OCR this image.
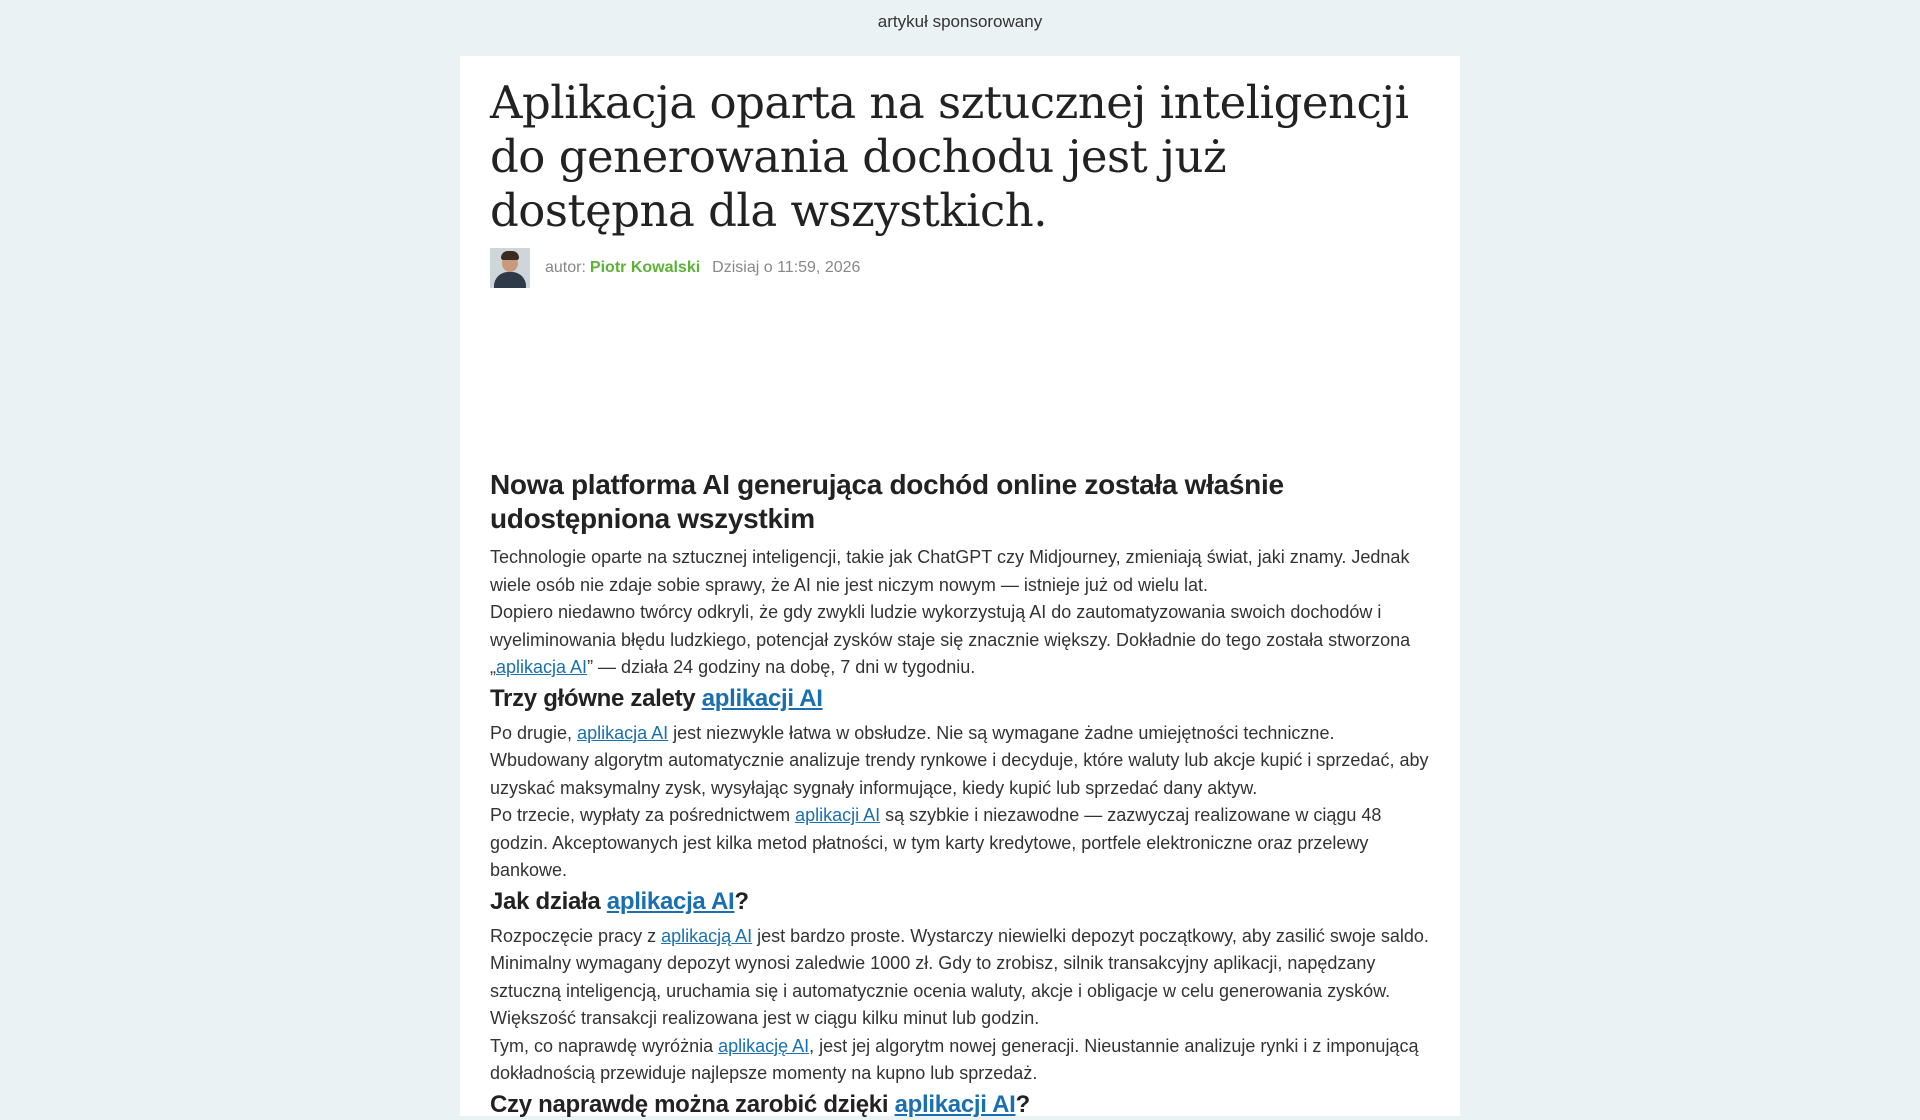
artykuł sponsorowany
Aplikacja oparta na sztucznej inteligencji do generowania dochodu jest już dostępna dla wszystkich.
autor: Piotr Kowalski Dzisiaj o 11:59, 2026
Nowa platforma AI generująca dochód online została właśnie udostępniona wszystkim

Technologie oparte na sztucznej inteligencji, takie jak ChatGPT czy Midjourney, zmieniają świat, jaki znamy. Jednak wiele osób nie zdaje sobie sprawy, że AI nie jest niczym nowym — istnieje już od wielu lat.

Dopiero niedawno twórcy odkryli, że gdy zwykli ludzie wykorzystują AI do zautomatyzowania swoich dochodów i wyeliminowania błędu ludzkiego, potencjał zysków staje się znacznie większy. Dokładnie do tego została stworzona „aplikacja AI” — działa 24 godziny na dobę, 7 dni w tygodniu.

Trzy główne zalety aplikacji AI

Po drugie, aplikacja AI jest niezwykle łatwa w obsłudze. Nie są wymagane żadne umiejętności techniczne. Wbudowany algorytm automatycznie analizuje trendy rynkowe i decyduje, które waluty lub akcje kupić i sprzedać, aby uzyskać maksymalny zysk, wysyłając sygnały informujące, kiedy kupić lub sprzedać dany aktyw.

Po trzecie, wypłaty za pośrednictwem aplikacji AI są szybkie i niezawodne — zazwyczaj realizowane w ciągu 48 godzin. Akceptowanych jest kilka metod płatności, w tym karty kredytowe, portfele elektroniczne oraz przelewy bankowe.

Jak działa aplikacja AI?

Rozpoczęcie pracy z aplikacją AI jest bardzo proste. Wystarczy niewielki depozyt początkowy, aby zasilić swoje saldo. Minimalny wymagany depozyt wynosi zaledwie 1000 zł. Gdy to zrobisz, silnik transakcyjny aplikacji, napędzany sztuczną inteligencją, uruchamia się i automatycznie ocenia waluty, akcje i obligacje w celu generowania zysków. Większość transakcji realizowana jest w ciągu kilku minut lub godzin.

Tym, co naprawdę wyróżnia aplikację AI, jest jej algorytm nowej generacji. Nieustannie analizuje rynki i z imponującą dokładnością przewiduje najlepsze momenty na kupno lub sprzedaż.

Czy naprawdę można zarobić dzięki aplikacji AI?
